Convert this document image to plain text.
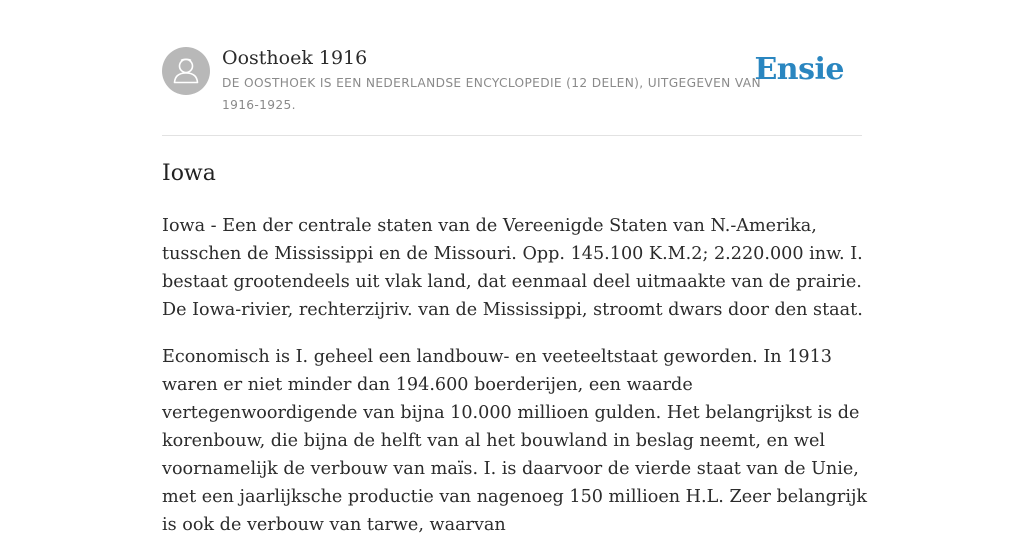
Oosthoek 1916
DE OOSTHOEK IS EEN NEDERLANDSE ENCYCLOPEDIE (12 DELEN), UITGEGEVEN VAN 1916-1925.
Ensie
Iowa

Iowa - Een der centrale staten van de Vereenigde Staten van N.-Amerika, tusschen de Mississippi en de Missouri. Opp. 145.100 K.M.2; 2.220.000 inw. I. bestaat grootendeels uit vlak land, dat eenmaal deel uitmaakte van de prairie. De Iowa-rivier, rechterzijriv. van de Mississippi, stroomt dwars door den staat.

Economisch is I. geheel een landbouw- en veeteeltstaat geworden. In 1913 waren er niet minder dan 194.600 boerderijen, een waarde vertegenwoordigende van bijna 10.000 millioen gulden. Het belangrijkst is de korenbouw, die bijna de helft van al het bouwland in beslag neemt, en wel voornamelijk de verbouw van maïs. I. is daarvoor de vierde staat van de Unie, met een jaarlijksche productie van nagenoeg 150 millioen H.L. Zeer belangrijk is ook de verbouw van tarwe, waarvan
